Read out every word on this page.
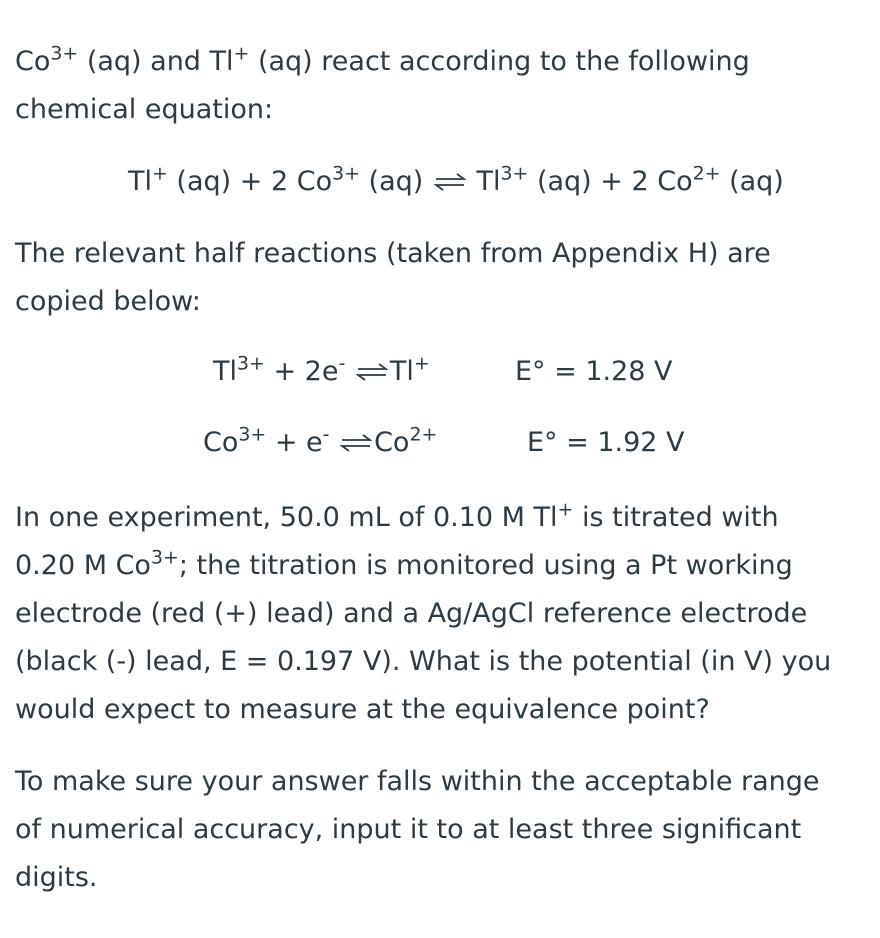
$Co^{3+}$ (aq) and Tl+ (aq) react according to the following
chemical equation:

Tl+ (aq) + 2 $Co^{3+}$ (aq) ⇌ $Tl^{3+}$ (aq) + 2 $Co^{2+}$ (aq)

The relevant half reactions (taken from Appendix H) are
copied below:

$Tl^{3+} + 2e^-$ ⇌ Tl+	E° = 1.28 V
$Co^{3+} + e^-$ ⇌ $Co^{2+}$	E° = 1.92 V

In one experiment, 50.0 mL of 0.10 M Tl+ is titrated with
0.20 M $Co^{3+}$; the titration is monitored using a Pt working
electrode (red (+) lead) and a Ag/AgCl reference electrode
(black (-) lead, E = 0.197 V). What is the potential (in V) you
would expect to measure at the equivalence point?

To make sure your answer falls within the acceptable range
of numerical accuracy, input it to at least three significant
digits.
